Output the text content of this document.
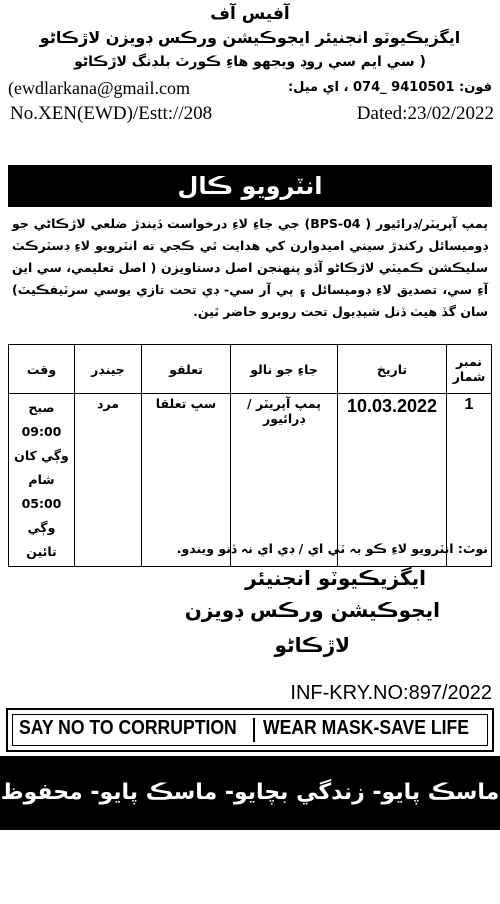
آفيس آف
ايگزيڪيوٽو انجنيئر ايجوڪيشن ورڪس ڊويزن لاڙڪاڻو
( سي ايم سي روڊ ويجهو هاءِ ڪورٽ بلڊنگ لاڙڪاڻو
(ewdlarkana@gmail.com	فون: 074_ 9410501 ، اي ميل:
No.XEN(EWD)/Estt://208	Dated:23/02/2022
انٽرويو ڪال
پمپ آپريٽر/ڊرائيور ( BPS-04) جي جاءِ لاءِ درخواست ڏيندڙ ضلعي لاڙڪاڻي جو ڊوميسائل رکندڙ سيني اميدوارن کي هدايت ٿي ڪجي ته انٽرويو لاءِ ڊسٽرڪٽ سليڪشن ڪميٽي لاڙڪاڻو آڏو پنهنجن اصل دستاويزن ( اصل تعليمي، سي اين آءِ سي، تصديق لاءِ ڊوميسائل ۽ پي آر سي- ڊي تحت تازي يوسي سرٽيفڪيٽ) سان گڏ هيٺ ڏنل شيڊيول تحت روبرو حاضر ٿين.
نمبر شمار	تاريخ	جاءِ جو نالو	تعلقو	جينڊر	وقت
1	10.03.2022	پمپ آپريٽر / ڊرائيور	سڀ تعلقا	مرد	صبح 09:00 وڳي کان شام 05:00 وڳي تائين	نوٽ: انٽرويو لاءِ ڪو بہ ٽي اي / ڊي اي نہ ڏنو ويندو.
ايگزيڪيوٽو انجنيئر
ايجوڪيشن ورڪس ڊويزن
لاڙڪاڻو
INF-KRY.NO:897/2022
SAY NO TO CORRUPTION WEAR MASK-SAVE LIFE
ماسڪ پايو- زندگي بچايو- ماسڪ پايو- محفوظ رهو
